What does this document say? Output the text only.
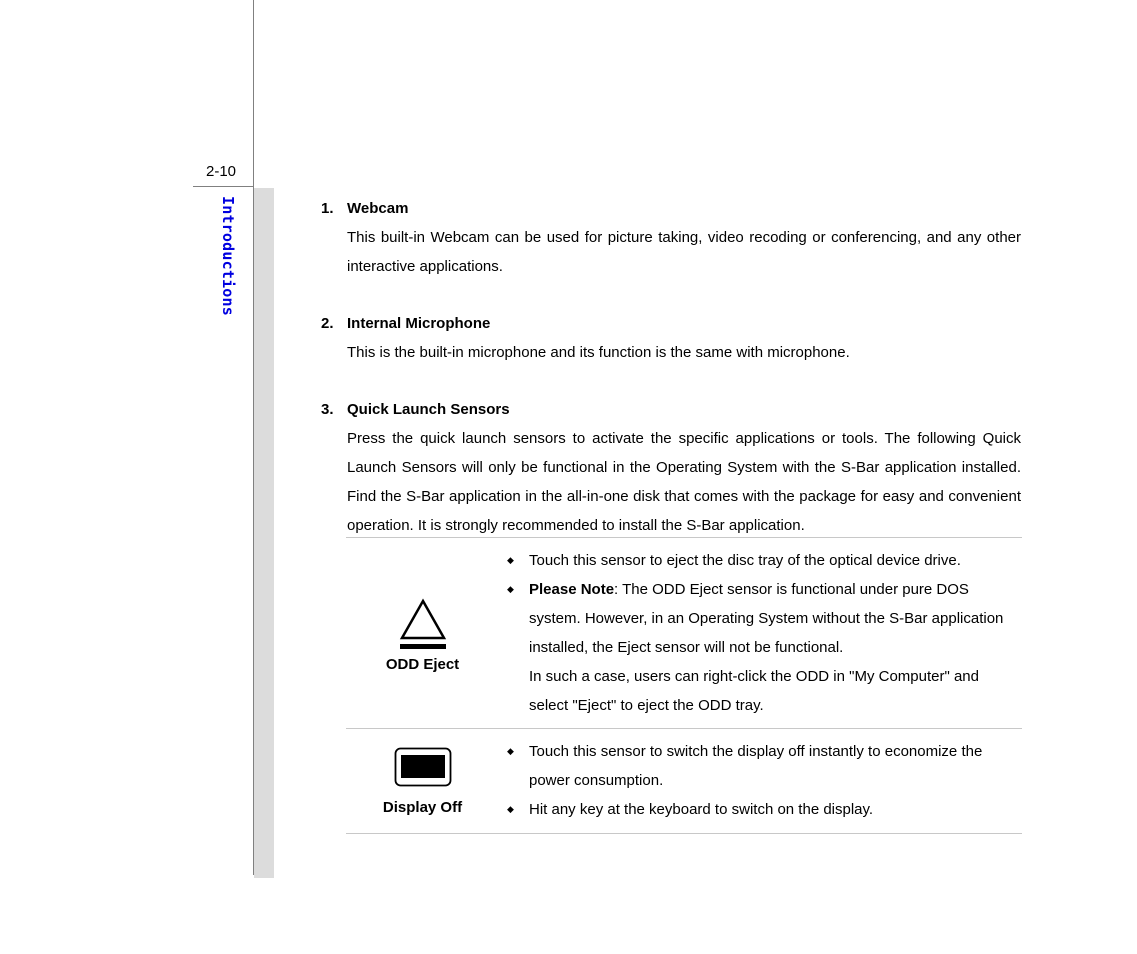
2-10
Introductions	1. Webcam
This built-in Webcam can be used for picture taking, video recoding or conferencing, and any other interactive applications.
2. Internal Microphone
This is the built-in microphone and its function is the same with microphone.
3. Quick Launch Sensors
Press the quick launch sensors to activate the specific applications or tools. The following Quick Launch Sensors will only be functional in the Operating System with the S-Bar application installed. Find the S-Bar application in the all-in-one disk that comes with the package for easy and convenient operation. It is strongly recommended to install the S-Bar application.
ODD Eject
◆	Touch this sensor to eject the disc tray of the optical device drive.
◆	Please Note: The ODD Eject sensor is functional under pure DOS system. However, in an Operating System without the S-Bar application installed, the Eject sensor will not be functional.
In such a case, users can right-click the ODD in "My Computer" and select "Eject" to eject the ODD tray.
Display Off
◆	Touch this sensor to switch the display off instantly to economize the power consumption.
◆	Hit any key at the keyboard to switch on the display.
